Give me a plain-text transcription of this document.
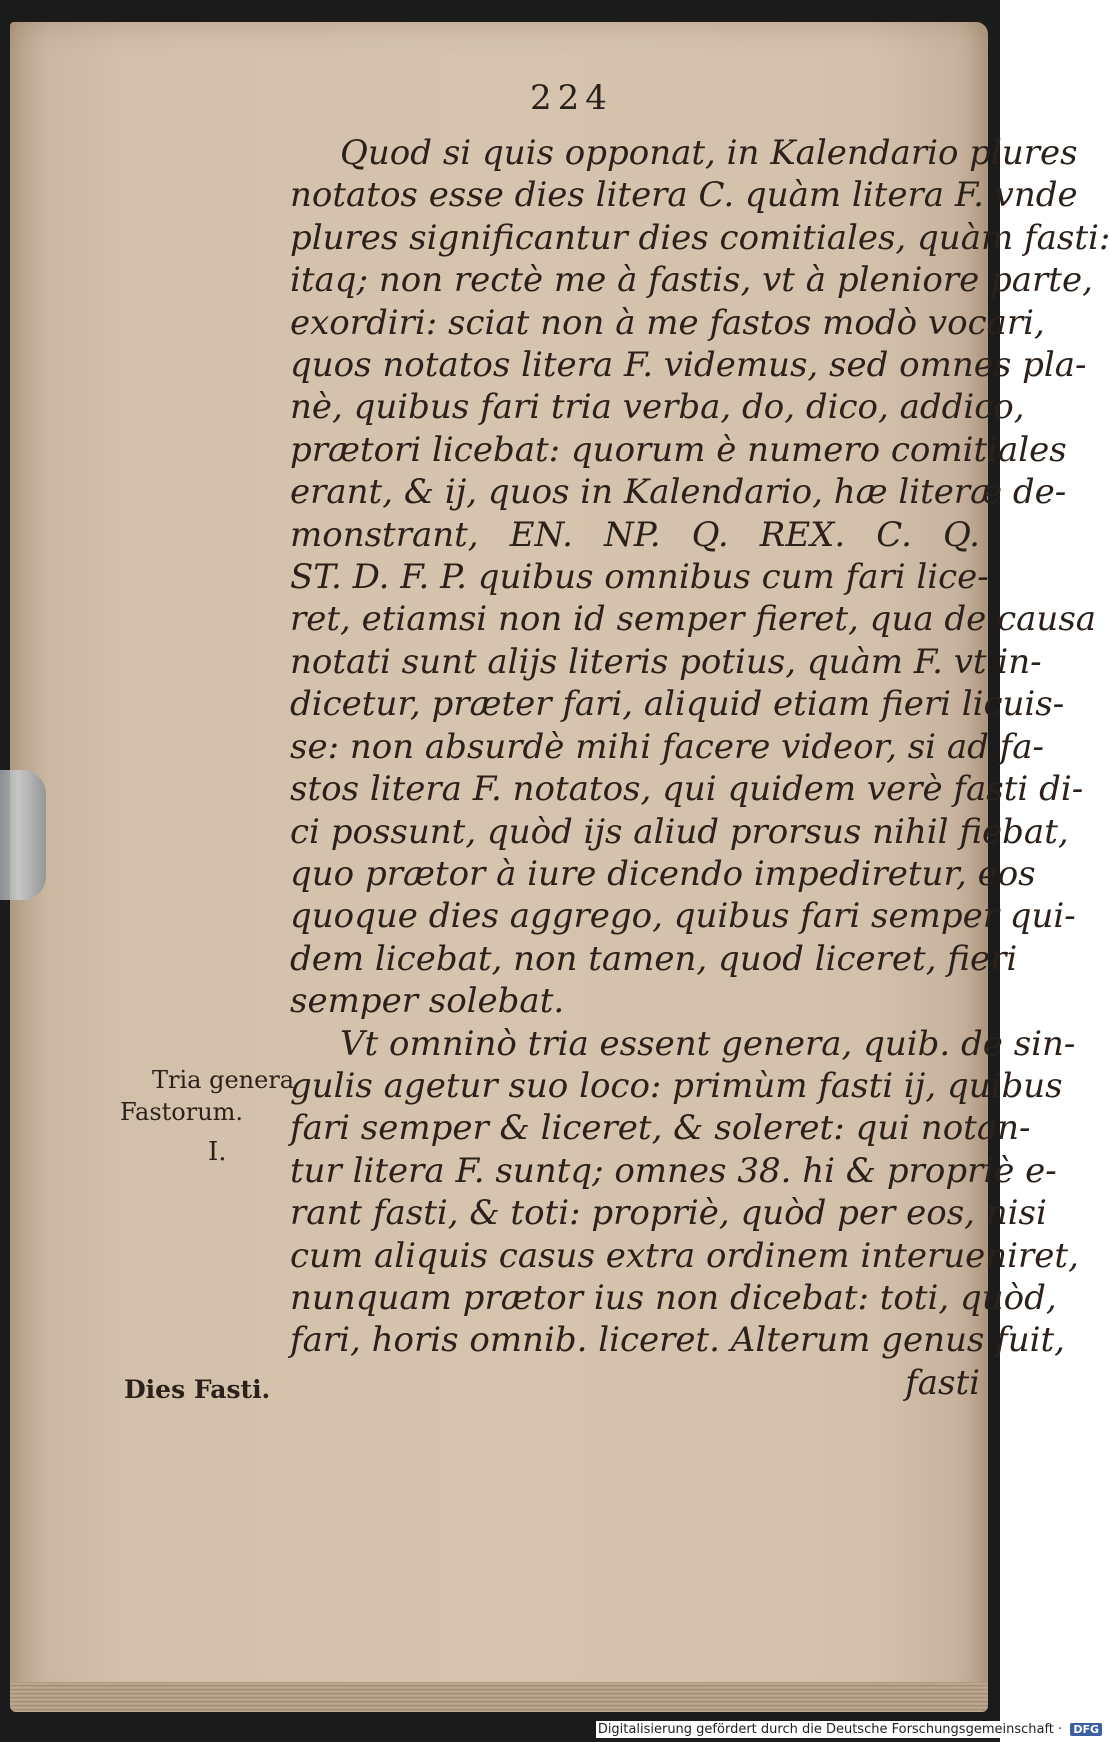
224
Quod si quis opponat, in Kalendario plures
notatos esse dies litera C. quàm litera F. vnde
plures significantur dies comitiales, quàm fasti:
itaq; non rectè me à fastis, vt à pleniore parte,
exordiri: sciat non à me fastos modò vocari,
quos notatos litera F. videmus, sed omnes pla-
nè, quibus fari tria verba, do, dico, addico,
prætori licebat: quorum è numero comitiales
erant, & ij, quos in Kalendario, hæ literæ de-
monstrant, EN. NP. Q. REX. C. Q.
ST. D. F. P. quibus omnibus cum fari lice-
ret, etiamsi non id semper fieret, qua de causa
notati sunt alijs literis potius, quàm F. vt in-
dicetur, præter fari, aliquid etiam fieri licuis-
se: non absurdè mihi facere videor, si ad fa-
stos litera F. notatos, qui quidem verè fasti di-
ci possunt, quòd ijs aliud prorsus nihil fiebat,
quo prætor à iure dicendo impediretur, eos
quoque dies aggrego, quibus fari semper qui-
dem licebat, non tamen, quod liceret, fieri
semper solebat.
Vt omninò tria essent genera, quib. de sin-
gulis agetur suo loco: primùm fasti ij, quibus
fari semper & liceret, & soleret: qui notan-
tur litera F. suntq; omnes 38. hi & propriè e-
rant fasti, & toti: propriè, quòd per eos, nisi
cum aliquis casus extra ordinem interueniret,
nunquam prætor ius non dicebat: toti, quòd,
fari, horis omnib. liceret. Alterum genus fuit,
fasti
Tria genera
Fastorum.
I.
Dies Fasti.
Digitalisierung gefördert durch die Deutsche Forschungsgemeinschaft · DFG
